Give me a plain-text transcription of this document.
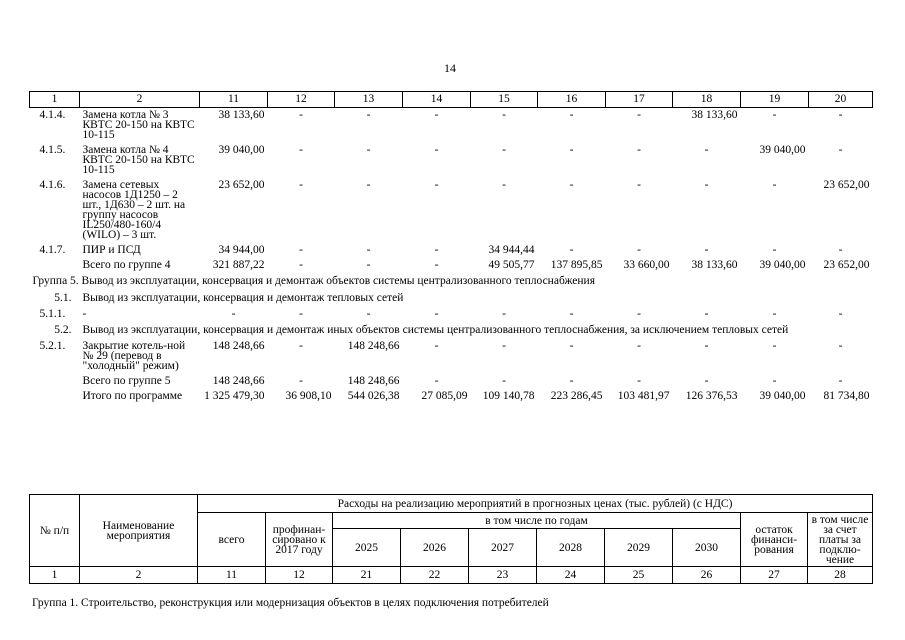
14
1	2	11	12	13	14	15	16	17	18	19	20
4.1.4.	Замена котла № 3 КВТС 20-150 на КВТС 10-115	38 133,60	-	-	-	-	-	-	38 133,60	-	-
4.1.5.	Замена котла № 4 КВТС 20-150 на КВТС 10-115	39 040,00	-	-	-	-	-	-	-	39 040,00	-
4.1.6.	Замена сетевых насосов 1Д1250 – 2 шт., 1Д630 – 2 шт. на группу насосов IL250/480-160/4 (WILO) – 3 шт.	23 652,00	-	-	-	-	-	-	-	-	23 652,00
4.1.7.	ПИР и ПСД	34 944,00	-	-	-	34 944,44	-	-	-	-	-
	Всего по группе 4	321 887,22	-	-	-	49 505,77	137 895,85	33 660,00	38 133,60	39 040,00	23 652,00
Группа 5. Вывод из эксплуатации, консервация и демонтаж объектов системы централизованного теплоснабжения											
5.1.	Вывод из эксплуатации, консервация и демонтаж тепловых сетей										
5.1.1.	-	-	-	-	-	-	-	-	-	-	-
5.2.	Вывод из эксплуатации, консервация и демонтаж иных объектов системы централизованного теплоснабжения, за исключением тепловых сетей										
5.2.1.	Закрытие котель-ной № 29 (перевод в "холодный" режим)	148 248,66	-	148 248,66	-	-	-	-	-	-	-
	Всего по группе 5	148 248,66	-	148 248,66	-	-	-	-	-	-	-
	Итого по программе	1 325 479,30	36 908,10	544 026,38	27 085,09	109 140,78	223 286,45	103 481,97	126 376,53	39 040,00	81 734,80
№ п/п	Наименование мероприятия	Расходы на реализацию мероприятий в прогнозных ценах (тыс. рублей) (с НДС)									
		всего	профинан-сировано к 2017 году	в том числе по годам						остаток финанси-рования	в том числе за счет платы за подклю-чение
				2025	2026	2027	2028	2029	2030		
1	2	11	12	21	22	23	24	25	26	27	28
Группа 1. Строительство, реконструкция или модернизация объектов в целях подключения потребителей
